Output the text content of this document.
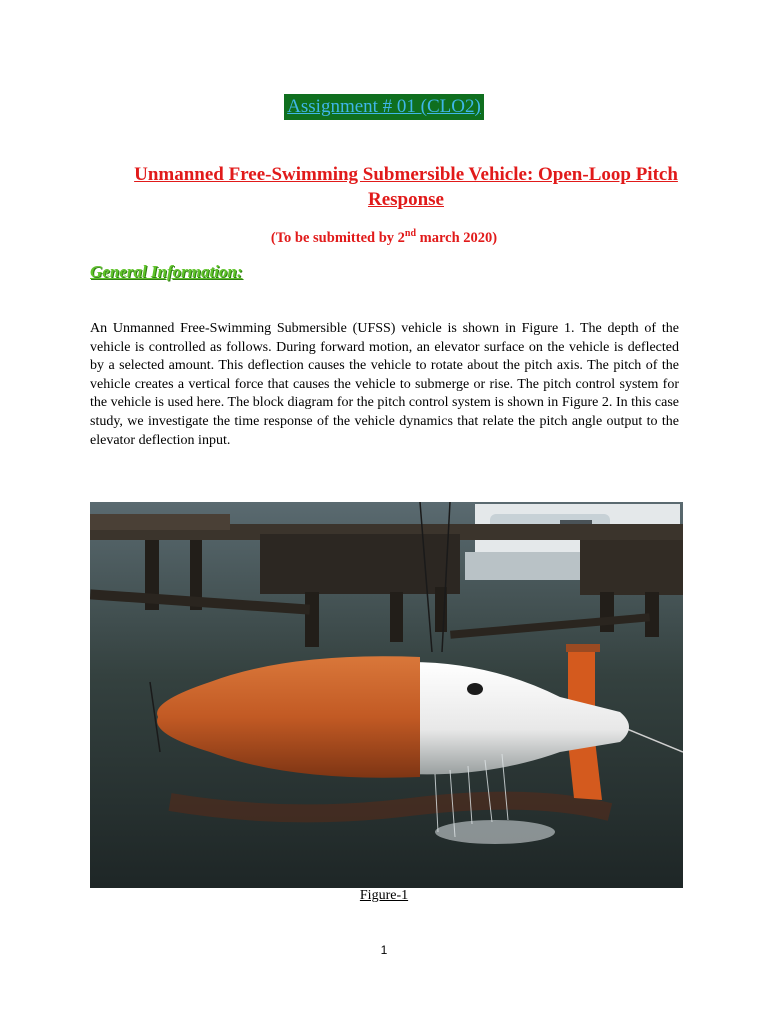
Assignment # 01 (CLO2)
Unmanned Free-Swimming Submersible Vehicle: Open-Loop Pitch Response
(To be submitted by 2nd march 2020)
General Information:
An Unmanned Free-Swimming Submersible (UFSS) vehicle is shown in Figure 1. The depth of the vehicle is controlled as follows. During forward motion, an elevator surface on the vehicle is deflected by a selected amount. This deflection causes the vehicle to rotate about the pitch axis. The pitch of the vehicle creates a vertical force that causes the vehicle to submerge or rise. The pitch control system for the vehicle is used here. The block diagram for the pitch control system is shown in Figure 2. In this case study, we investigate the time response of the vehicle dynamics that relate the pitch angle output to the elevator deflection input.
Figure-1
1
